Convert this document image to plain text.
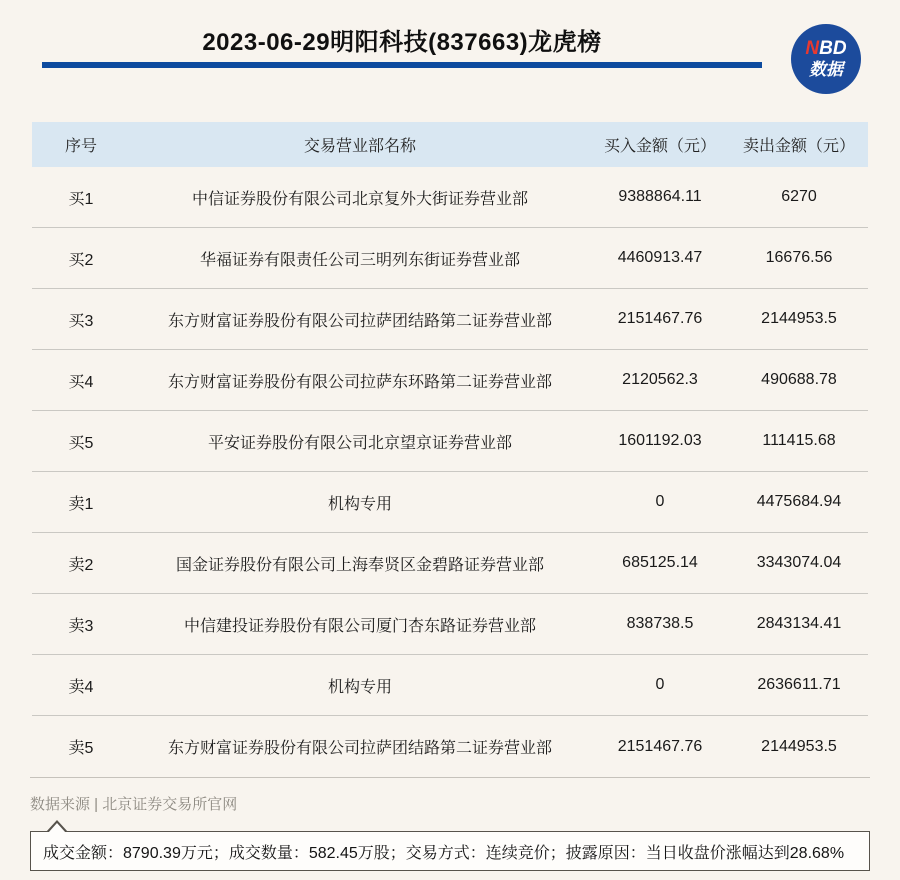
2023-06-29明阳科技(837663)龙虎榜	NBD
数据
序号	交易营业部名称	买入金额（元）	卖出金额（元）
买1	中信证券股份有限公司北京复外大街证券营业部	9388864.11	6270
买2	华福证券有限责任公司三明列东街证券营业部	4460913.47	16676.56
买3	东方财富证券股份有限公司拉萨团结路第二证券营业部	2151467.76	2144953.5
买4	东方财富证券股份有限公司拉萨东环路第二证券营业部	2120562.3	490688.78
买5	平安证券股份有限公司北京望京证券营业部	1601192.03	111415.68
卖1	机构专用	0	4475684.94
卖2	国金证券股份有限公司上海奉贤区金碧路证券营业部	685125.14	3343074.04
卖3	中信建投证券股份有限公司厦门杏东路证券营业部	838738.5	2843134.41
卖4	机构专用	0	2636611.71
卖5	东方财富证券股份有限公司拉萨团结路第二证券营业部	2151467.76	2144953.5
数据来源 | 北京证券交易所官网
成交金额：8790.39万元；成交数量：582.45万股；交易方式：连续竞价；披露原因：当日收盘价涨幅达到28.68%
